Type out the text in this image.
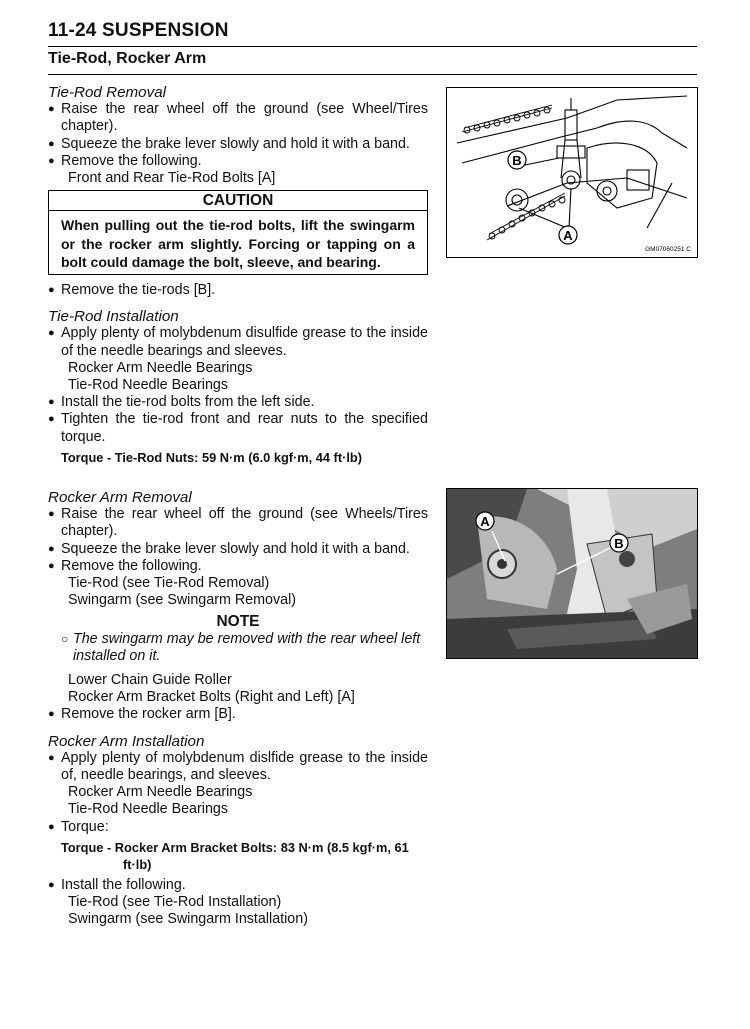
11-24 SUSPENSION
Tie-Rod, Rocker Arm
Tie-Rod Removal
● Raise the rear wheel off the ground (see Wheel/Tires chapter).
● Squeeze the brake lever slowly and hold it with a band.
● Remove the following.
Front and Rear Tie-Rod Bolts [A]
CAUTION
When pulling out the tie-rod bolts, lift the swingarm or the rocker arm slightly. Forcing or tapping on a bolt could damage the bolt, sleeve, and bearing.
● Remove the tie-rods [B].
Tie-Rod Installation
● Apply plenty of molybdenum disulfide grease to the inside of the needle bearings and sleeves.
Rocker Arm Needle Bearings
Tie-Rod Needle Bearings
● Install the tie-rod bolts from the left side.
● Tighten the tie-rod front and rear nuts to the specified torque.
Torque - Tie-Rod Nuts: 59 N·m (6.0 kgf·m, 44 ft·lb)
Rocker Arm Removal
● Raise the rear wheel off the ground (see Wheels/Tires chapter).
● Squeeze the brake lever slowly and hold it with a band.
● Remove the following.
Tie-Rod (see Tie-Rod Removal)
Swingarm (see Swingarm Removal)
NOTE
○ The swingarm may be removed with the rear wheel left installed on it.
Lower Chain Guide Roller
Rocker Arm Bracket Bolts (Right and Left) [A]
● Remove the rocker arm [B].
Rocker Arm Installation
● Apply plenty of molybdenum dislfide grease to the inside of, needle bearings, and sleeves.
Rocker Arm Needle Bearings
Tie-Rod Needle Bearings
● Torque:
Torque - Rocker Arm Bracket Bolts: 83 N·m (8.5 kgf·m, 61
ft·lb)
● Install the following.
Tie-Rod (see Tie-Rod Installation)
Swingarm (see Swingarm Installation)
B
A
GM07060251 C
A
B
